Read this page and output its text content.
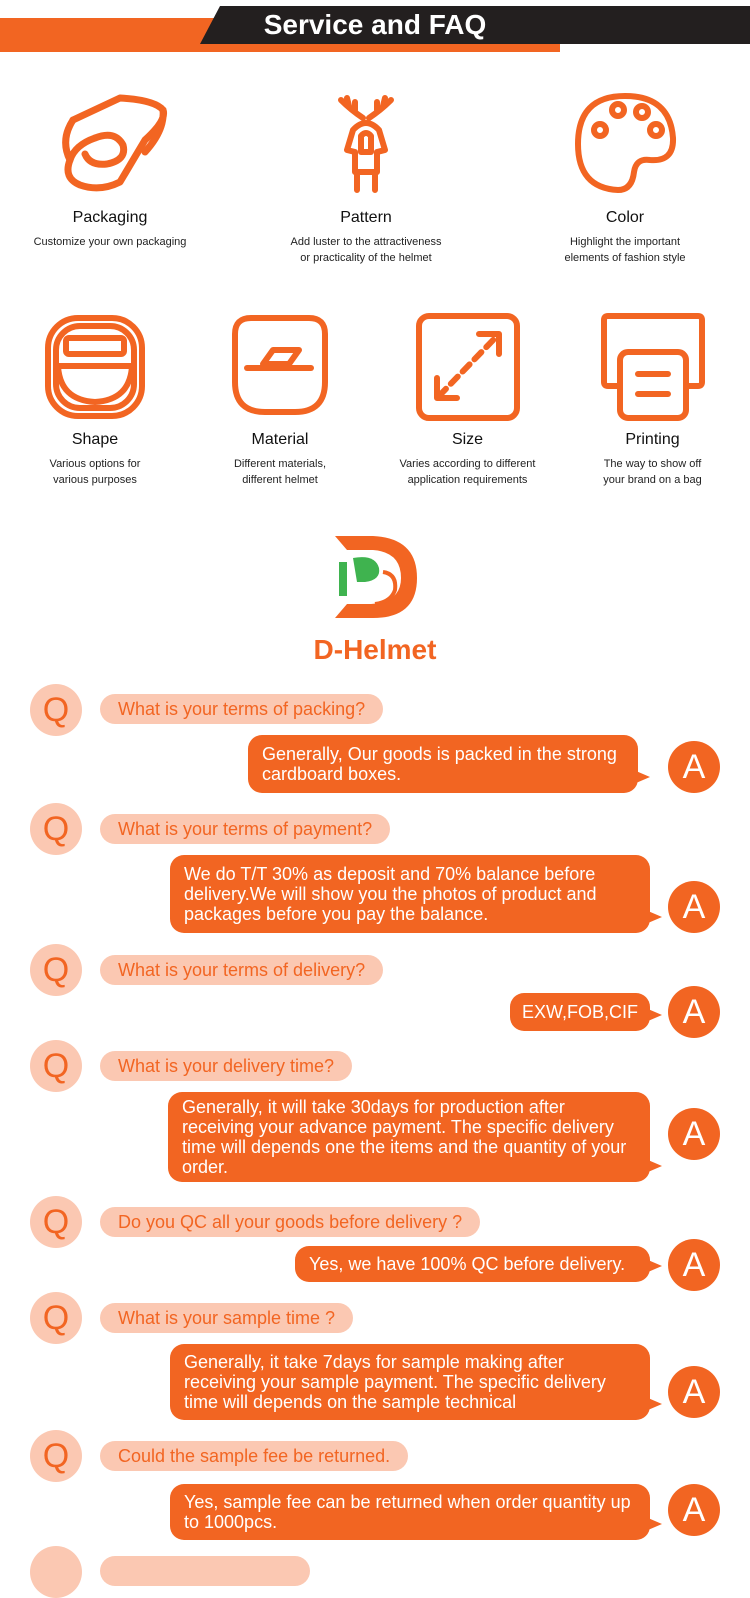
Service and FAQ
Packaging
Customize your own packaging
Pattern
Add luster to the attractiveness
or practicality of the helmet
Color
Highlight the important
elements of fashion style
Shape
Various options for
various purposes
Material
Different materials,
different helmet
Size
Varies according to different
application requirements
Printing
The way to show off
your brand on a bag
D-Helmet
Q	What is your terms of packing?
Generally, Our goods is packed in the strong cardboard boxes.	A
Q	What is your terms of payment?
We do T/T 30% as deposit and 70% balance before delivery.We will show you the photos of product and packages before you pay the balance.	A
Q	What is your terms of delivery?
EXW,FOB,CIF	A
Q	What is your delivery time?
Generally, it will take 30days for production after receiving your advance payment. The specific delivery time will depends one the items and the quantity of your order.
A
Q	Do you QC all your goods before delivery ?
Yes, we have 100% QC before delivery.	A
Q	What is your sample time ?
Generally, it take 7days for sample making after receiving your sample payment. The specific delivery time will depends on the sample technical	A
Q	Could the sample fee be returned.
Yes, sample fee can be returned when order quantity up to 1000pcs.	A
